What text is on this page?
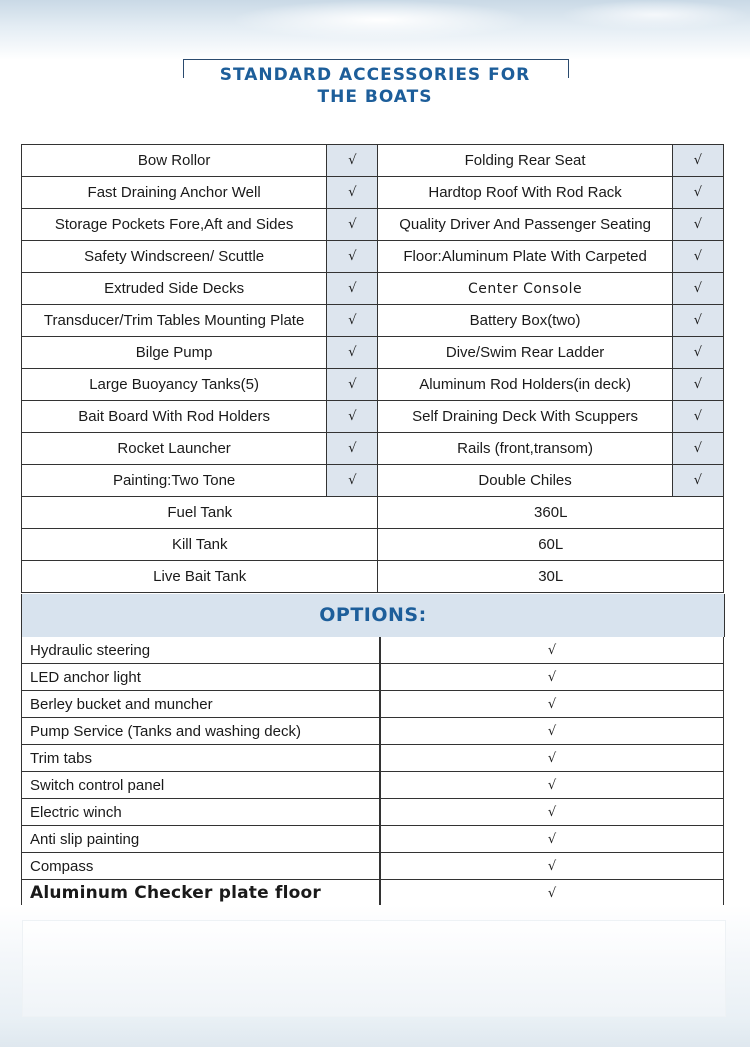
STANDARD ACCESSORIES FOR
THE BOATS
Bow Rollor	√	Folding Rear Seat	√
Fast Draining Anchor Well	√	Hardtop Roof With Rod Rack	√
Storage Pockets Fore,Aft and Sides	√	Quality Driver And Passenger Seating	√
Safety Windscreen/ Scuttle	√	Floor:Aluminum Plate With Carpeted	√
Extruded Side Decks	√	Center Console	√
Transducer/Trim Tables Mounting Plate	√	Battery Box(two)	√
Bilge Pump	√	Dive/Swim Rear Ladder	√
Large Buoyancy Tanks(5)	√	Aluminum Rod Holders(in deck)	√
Bait Board With Rod Holders	√	Self Draining Deck With Scuppers	√
Rocket Launcher	√	Rails (front,transom)	√
Painting:Two Tone	√	Double Chiles	√
Fuel Tank		360L	
Kill Tank		60L	
Live Bait Tank		30L	
OPTIONS:
Hydraulic steering	√
LED anchor light	√
Berley bucket and muncher	√
Pump Service (Tanks and washing deck)	√
Trim tabs	√
Switch control panel	√
Electric winch	√
Anti slip painting	√
Compass	√
Aluminum Checker plate floor	√
